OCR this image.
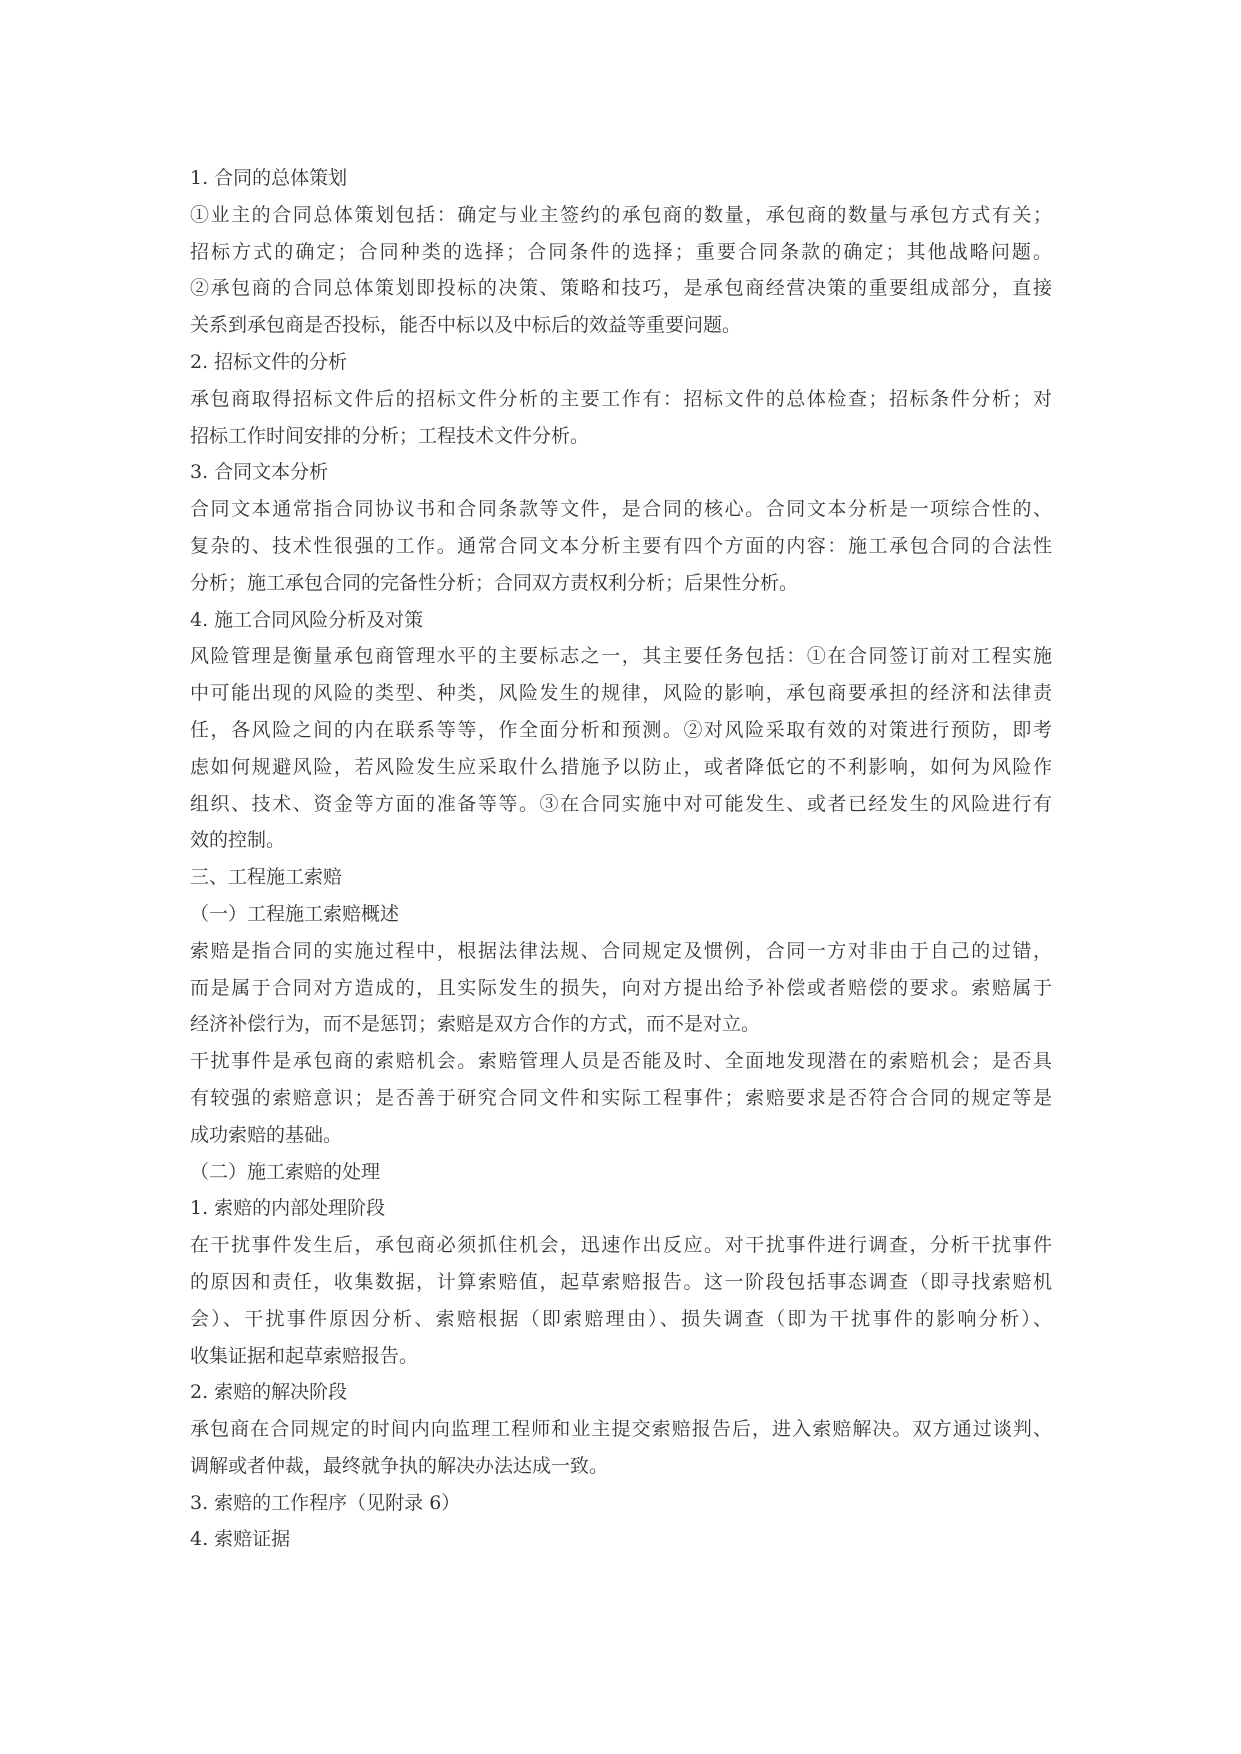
1. 合同的总体策划
①业主的合同总体策划包括：确定与业主签约的承包商的数量，承包商的数量与承包方式有关；
招标方式的确定；合同种类的选择；合同条件的选择；重要合同条款的确定；其他战略问题。
②承包商的合同总体策划即投标的决策、策略和技巧，是承包商经营决策的重要组成部分，直接
关系到承包商是否投标，能否中标以及中标后的效益等重要问题。
2. 招标文件的分析
承包商取得招标文件后的招标文件分析的主要工作有：招标文件的总体检查；招标条件分析；对
招标工作时间安排的分析；工程技术文件分析。
3. 合同文本分析
合同文本通常指合同协议书和合同条款等文件，是合同的核心。合同文本分析是一项综合性的、
复杂的、技术性很强的工作。通常合同文本分析主要有四个方面的内容：施工承包合同的合法性
分析；施工承包合同的完备性分析；合同双方责权利分析；后果性分析。
4. 施工合同风险分析及对策
风险管理是衡量承包商管理水平的主要标志之一，其主要任务包括：①在合同签订前对工程实施
中可能出现的风险的类型、种类，风险发生的规律，风险的影响，承包商要承担的经济和法律责
任，各风险之间的内在联系等等，作全面分析和预测。②对风险采取有效的对策进行预防，即考
虑如何规避风险，若风险发生应采取什么措施予以防止，或者降低它的不利影响，如何为风险作
组织、技术、资金等方面的准备等等。③在合同实施中对可能发生、或者已经发生的风险进行有
效的控制。
三、工程施工索赔
（一）工程施工索赔概述
索赔是指合同的实施过程中，根据法律法规、合同规定及惯例，合同一方对非由于自己的过错，
而是属于合同对方造成的，且实际发生的损失，向对方提出给予补偿或者赔偿的要求。索赔属于
经济补偿行为，而不是惩罚；索赔是双方合作的方式，而不是对立。
干扰事件是承包商的索赔机会。索赔管理人员是否能及时、全面地发现潜在的索赔机会；是否具
有较强的索赔意识；是否善于研究合同文件和实际工程事件；索赔要求是否符合合同的规定等是
成功索赔的基础。
（二）施工索赔的处理
1. 索赔的内部处理阶段
在干扰事件发生后，承包商必须抓住机会，迅速作出反应。对干扰事件进行调查，分析干扰事件
的原因和责任，收集数据，计算索赔值，起草索赔报告。这一阶段包括事态调查（即寻找索赔机
会）、干扰事件原因分析、索赔根据（即索赔理由）、损失调查（即为干扰事件的影响分析）、
收集证据和起草索赔报告。
2. 索赔的解决阶段
承包商在合同规定的时间内向监理工程师和业主提交索赔报告后，进入索赔解决。双方通过谈判、
调解或者仲裁，最终就争执的解决办法达成一致。
3. 索赔的工作程序（见附录 6）
4. 索赔证据
